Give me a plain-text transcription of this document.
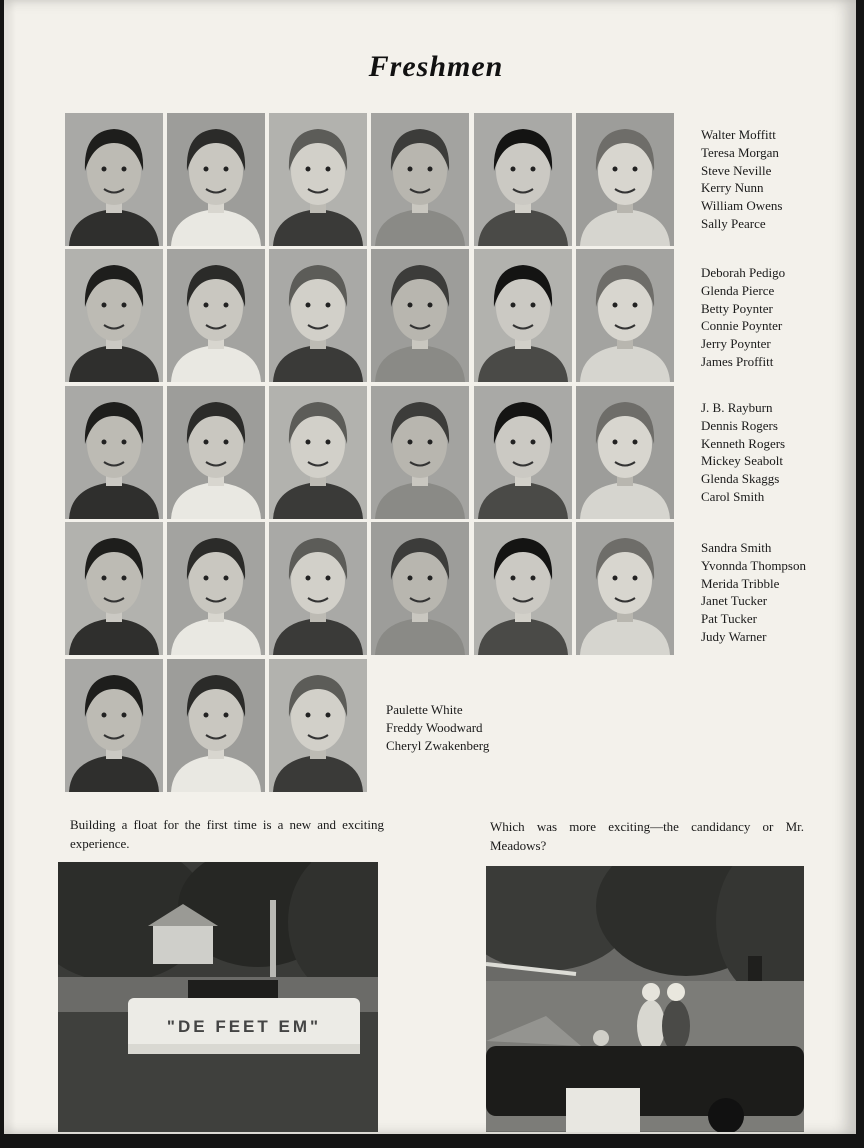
Freshmen
Walter Moffitt
Teresa Morgan
Steve Neville
Kerry Nunn
William Owens
Sally Pearce
Deborah Pedigo
Glenda Pierce
Betty Poynter
Connie Poynter
Jerry Poynter
James Proffitt
J. B. Rayburn
Dennis Rogers
Kenneth Rogers
Mickey Seabolt
Glenda Skaggs
Carol Smith
Sandra Smith
Yvonnda Thompson
Merida Tribble
Janet Tucker
Pat Tucker
Judy Warner
Paulette White
Freddy Woodward
Cheryl Zwakenberg
Building a float for the first time is a new and exciting experience.
Which was more exciting—the candidancy or Mr. Meadows?
"DE FEET EM"
